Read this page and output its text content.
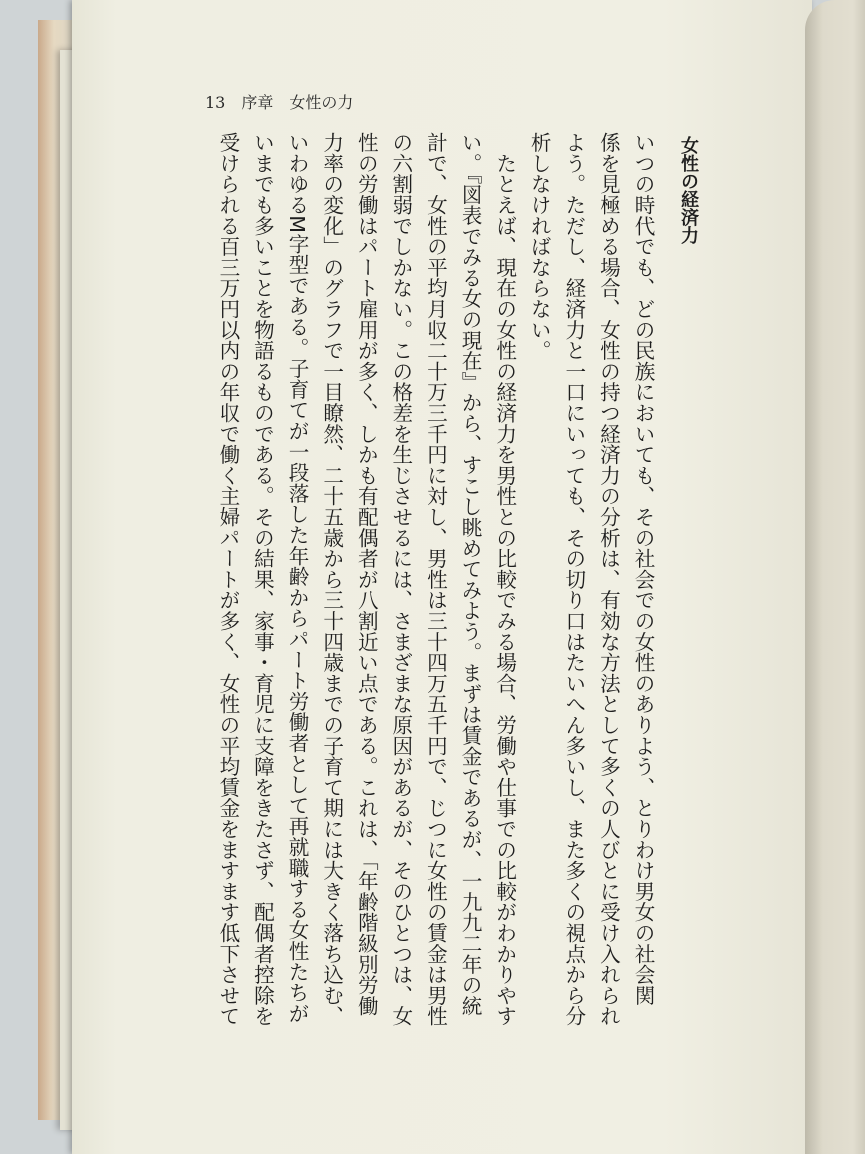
13　序章　女性の力
女性の経済力
いつの時代でも、どの民族においても、その社会での女性のありよう、とりわけ男女の社会関
係を見極める場合、女性の持つ経済力の分析は、有効な方法として多くの人びとに受け入れられ
よう。ただし、経済力と一口にいっても、その切り口はたいへん多いし、また多くの視点から分
析しなければならない。
　たとえば、現在の女性の経済力を男性との比較でみる場合、労働や仕事での比較がわかりやす
い。『図表でみる女の現在』から、すこし眺めてみよう。まずは賃金であるが、一九九二年の統
計で、女性の平均月収二十万三千円に対し、男性は三十四万五千円で、じつに女性の賃金は男性
の六割弱でしかない。この格差を生じさせるには、さまざまな原因があるが、そのひとつは、女
性の労働はパート雇用が多く、しかも有配偶者が八割近い点である。これは、「年齢階級別労働
力率の変化」のグラフで一目瞭然、二十五歳から三十四歳までの子育て期には大きく落ち込む、
いわゆるM字型である。子育てが一段落した年齢からパート労働者として再就職する女性たちが
いまでも多いことを物語るものである。その結果、家事・育児に支障をきたさず、配偶者控除を
受けられる百三万円以内の年収で働く主婦パートが多く、女性の平均賃金をますます低下させて
